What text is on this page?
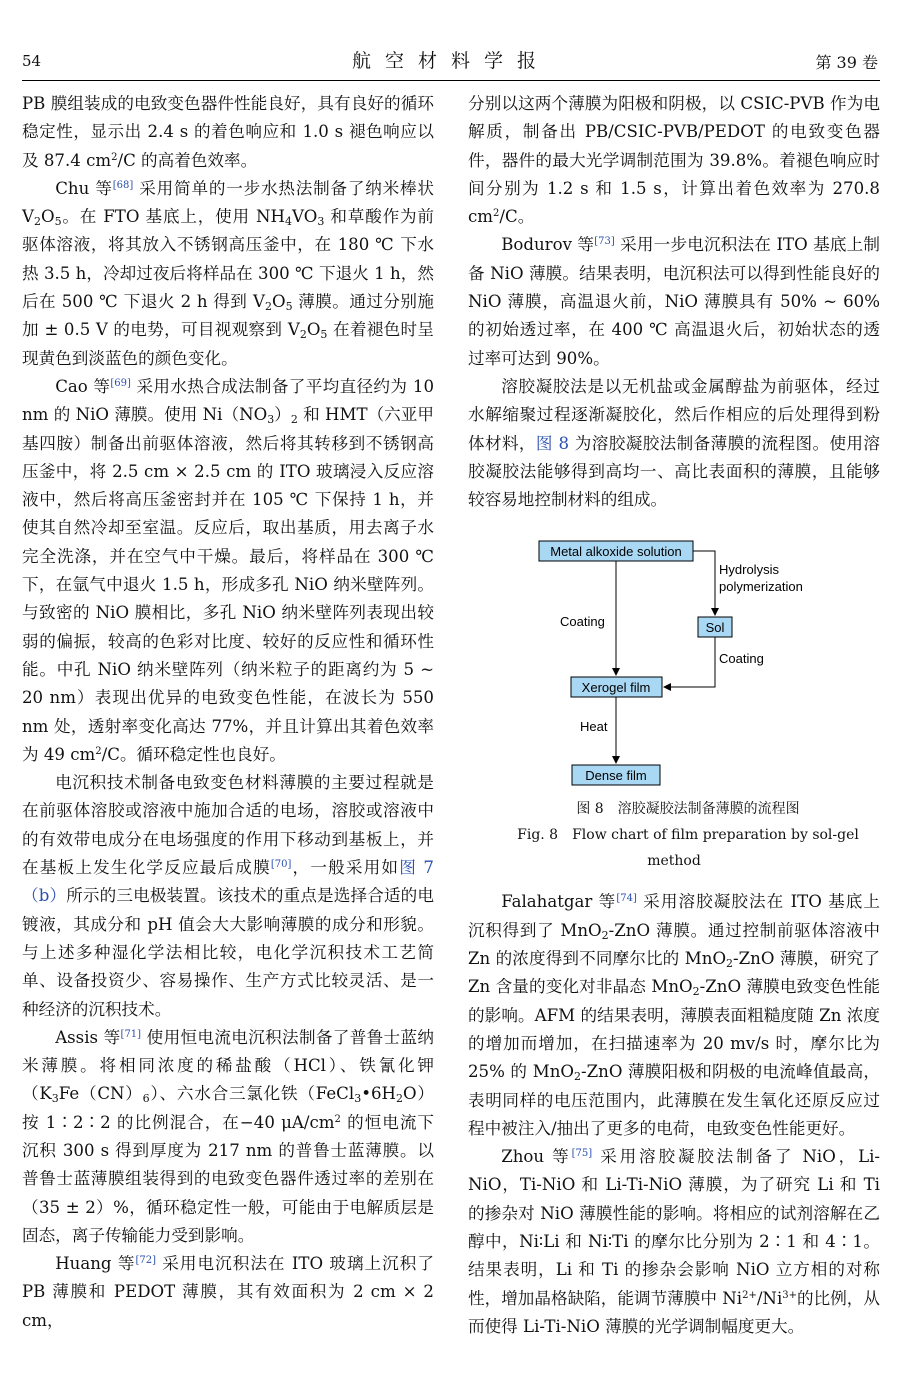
54	航空材料学报	第 39 卷

PB 膜组装成的电致变色器件性能良好，具有良好的循环稳定性，显示出 2.4 s 的着色响应和 1.0 s 褪色响应以及 87.4 $cm^2/C$ 的高着色效率。

Chu 等[68] 采用简单的一步水热法制备了纳米棒状 $V_2O_5$。在 FTO 基底上，使用 $NH_4VO_3$ 和草酸作为前驱体溶液，将其放入不锈钢高压釜中，在 180 ℃ 下水热 3.5 h，冷却过夜后将样品在 300 ℃ 下退火 1 h，然后在 500 ℃ 下退火 2 h 得到 $V_2O_5$ 薄膜。通过分别施加 ± 0.5 V 的电势，可目视观察到 $V_2O_5$ 在着褪色时呈现黄色到淡蓝色的颜色变化。

Cao 等[69] 采用水热合成法制备了平均直径约为 10 nm 的 NiO 薄膜。使用 $Ni(NO_3)_2$ 和 HMT（六亚甲基四胺）制备出前驱体溶液，然后将其转移到不锈钢高压釜中，将 2.5 cm × 2.5 cm 的 ITO 玻璃浸入反应溶液中，然后将高压釜密封并在 105 ℃ 下保持 1 h，并使其自然冷却至室温。反应后，取出基质，用去离子水完全洗涤，并在空气中干燥。最后，将样品在 300 ℃ 下，在氩气中退火 1.5 h，形成多孔 NiO 纳米壁阵列。与致密的 NiO 膜相比，多孔 NiO 纳米壁阵列表现出较弱的偏振，较高的色彩对比度、较好的反应性和循环性能。中孔 NiO 纳米壁阵列（纳米粒子的距离约为 5 ~ 20 nm）表现出优异的电致变色性能，在波长为 550 nm 处，透射率变化高达 77%，并且计算出其着色效率为 49 $cm^2/C$。循环稳定性也良好。

电沉积技术制备电致变色材料薄膜的主要过程就是在前驱体溶胶或溶液中施加合适的电场，溶胶或溶液中的有效带电成分在电场强度的作用下移动到基板上，并在基板上发生化学反应最后成膜[70]，一般采用如图 7（b）所示的三电极装置。该技术的重点是选择合适的电镀液，其成分和 pH 值会大大影响薄膜的成分和形貌。与上述多种湿化学法相比较，电化学沉积技术工艺简单、设备投资少、容易操作、生产方式比较灵活、是一种经济的沉积技术。

Assis 等[71] 使用恒电流电沉积法制备了普鲁士蓝纳米薄膜。将相同浓度的稀盐酸（HCl）、铁氰化钾$(K_3Fe(CN)_6)$、六水合三氯化铁$(FeCl_3•6H_2O)$按 1∶2∶2 的比例混合，在−40 $\mu A/cm^2$ 的恒电流下沉积 300 s 得到厚度为 217 nm 的普鲁士蓝薄膜。以普鲁士蓝薄膜组装得到的电致变色器件透过率的差别在（35 ± 2）%，循环稳定性一般，可能由于电解质层是固态，离子传输能力受到影响。

Huang 等[72] 采用电沉积法在 ITO 玻璃上沉积了 PB 薄膜和 PEDOT 薄膜，其有效面积为 2 cm × 2 cm，

分别以这两个薄膜为阳极和阴极，以 CSIC-PVB 作为电解质，制备出 PB/CSIC-PVB/PEDOT 的电致变色器件，器件的最大光学调制范围为 39.8%。着褪色响应时间分别为 1.2 s 和 1.5 s，计算出着色效率为 270.8 $cm^2/C$。

Bodurov 等[73] 采用一步电沉积法在 ITO 基底上制备 NiO 薄膜。结果表明，电沉积法可以得到性能良好的 NiO 薄膜，高温退火前，NiO 薄膜具有 50% ~ 60% 的初始透过率，在 400 ℃ 高温退火后，初始状态的透过率可达到 90%。

溶胶凝胶法是以无机盐或金属醇盐为前驱体，经过水解缩聚过程逐渐凝胶化，然后作相应的后处理得到粉体材料，图 8 为溶胶凝胶法制备薄膜的流程图。使用溶胶凝胶法能够得到高均一、高比表面积的薄膜，且能够较容易地控制材料的组成。

Metal alkoxide solution
Sol
Xerogel film
Dense film
Hydrolysis
polymerization
Coating
Coating
Heat

图 8　溶胶凝胶法制备薄膜的流程图

Fig. 8　Flow chart of film preparation by sol-gel method

Falahatgar 等[74] 采用溶胶凝胶法在 ITO 基底上沉积得到了 MnO$_2$-ZnO 薄膜。通过控制前驱体溶液中 Zn 的浓度得到不同摩尔比的 MnO$_2$-ZnO 薄膜，研究了 Zn 含量的变化对非晶态 MnO$_2$-ZnO 薄膜电致变色性能的影响。AFM 的结果表明，薄膜表面粗糙度随 Zn 浓度的增加而增加，在扫描速率为 20 mv/s 时，摩尔比为 25% 的 MnO$_2$-ZnO 薄膜阳极和阴极的电流峰值最高，表明同样的电压范围内，此薄膜在发生氧化还原反应过程中被注入/抽出了更多的电荷，电致变色性能更好。

Zhou 等[75] 采用溶胶凝胶法制备了 NiO，Li-NiO，Ti-NiO 和 Li-Ti-NiO 薄膜，为了研究 Li 和 Ti 的掺杂对 NiO 薄膜性能的影响。将相应的试剂溶解在乙醇中，Ni∶Li 和 Ni∶Ti 的摩尔比分别为 2∶1 和 4∶1。结果表明，Li 和 Ti 的掺杂会影响 NiO 立方相的对称性，增加晶格缺陷，能调节薄膜中 $Ni^{2+}/Ni^{3+}$的比例，从而使得 Li-Ti-NiO 薄膜的光学调制幅度更大。
